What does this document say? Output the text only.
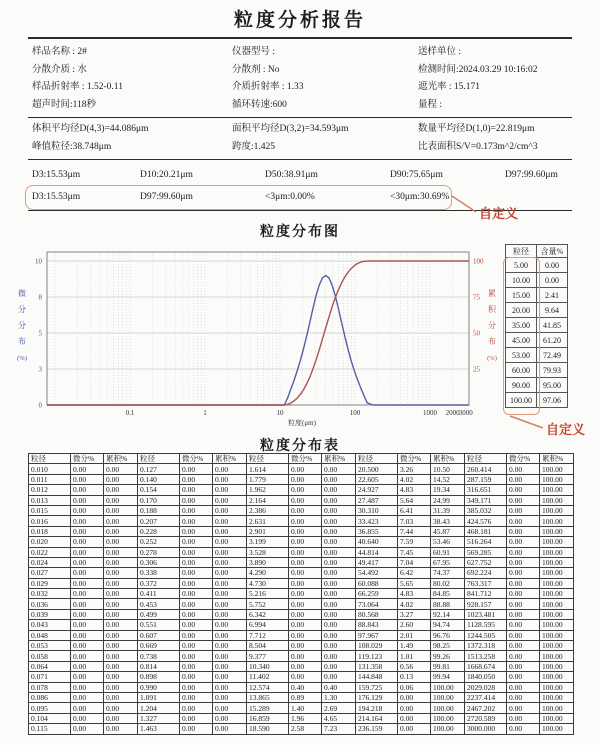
粒度分析报告
样品名称 : 2#	仪器型号 :	送样单位 :
分散介质 : 水	分散剂 : No	检测时间:2024.03.29 10:16:02
样品折射率 : 1.52-0.11	介质折射率 : 1.33	遮光率 : 15.171
超声时间:118秒	循环转速:600	量程 :
体积平均径D(4,3)=44.086μm	面积平均径D(3,2)=34.593μm	数量平均径D(1,0)=22.819μm
峰值粒径:38.748μm	跨度:1.425	比表面积S/V=0.173m^2/cm^3
D3:15.53μm	D10:20.21μm	D50:38.91μm	D90:75.65μm	D97:99.60μm
D3:15.53μm	D97:99.60μm	<3μm:0.00%	<30μm:30.69%
自定义
粒度分布图
0.1	1	10	100	1000 2000 3000
粒度(μm)
0
3
5
8
10
25
50
75
100
微
分
分
布
(%)
累
积
分
布
(%)
粒径	含量%
5.00	0.00
10.00	0.00
15.00	2.41
20.00	9.64
35.00	41.85
45.00	61.20
53.00	72.49
60.00	79.93
90.00	95.00
100.00	97.06
自定义
粒度分布表
粒径	微分%	累积%	粒径	微分%	累积%	粒径	微分%	累积%	粒径	微分%	累积%	粒径	微分%	累积%
0.010	0.00	0.00	0.127	0.00	0.00	1.614	0.00	0.00	20.500	3.26	10.50	260.414	0.00	100.00
0.011	0.00	0.00	0.140	0.00	0.00	1.779	0.00	0.00	22.605	4.02	14.52	287.159	0.00	100.00
0.012	0.00	0.00	0.154	0.00	0.00	1.962	0.00	0.00	24.927	4.83	19.34	316.651	0.00	100.00
0.013	0.00	0.00	0.170	0.00	0.00	2.164	0.00	0.00	27.487	5.64	24.99	349.171	0.00	100.00
0.015	0.00	0.00	0.188	0.00	0.00	2.386	0.00	0.00	30.310	6.41	31.39	385.032	0.00	100.00
0.016	0.00	0.00	0.207	0.00	0.00	2.631	0.00	0.00	33.423	7.03	38.43	424.576	0.00	100.00
0.018	0.00	0.00	0.228	0.00	0.00	2.901	0.00	0.00	36.855	7.44	45.87	468.181	0.00	100.00
0.020	0.00	0.00	0.252	0.00	0.00	3.199	0.00	0.00	40.640	7.59	53.46	516.264	0.00	100.00
0.022	0.00	0.00	0.278	0.00	0.00	3.528	0.00	0.00	44.814	7.45	60.91	569.285	0.00	100.00
0.024	0.00	0.00	0.306	0.00	0.00	3.890	0.00	0.00	49.417	7.04	67.95	627.752	0.00	100.00
0.027	0.00	0.00	0.338	0.00	0.00	4.290	0.00	0.00	54.492	6.42	74.37	692.224	0.00	100.00
0.029	0.00	0.00	0.372	0.00	0.00	4.730	0.00	0.00	60.088	5.65	80.02	763.317	0.00	100.00
0.032	0.00	0.00	0.411	0.00	0.00	5.216	0.00	0.00	66.259	4.83	84.85	841.712	0.00	100.00
0.036	0.00	0.00	0.453	0.00	0.00	5.752	0.00	0.00	73.064	4.02	88.88	928.157	0.00	100.00
0.039	0.00	0.00	0.499	0.00	0.00	6.342	0.00	0.00	80.568	3.27	92.14	1023.481	0.00	100.00
0.043	0.00	0.00	0.551	0.00	0.00	6.994	0.00	0.00	88.843	2.60	94.74	1128.595	0.00	100.00
0.048	0.00	0.00	0.607	0.00	0.00	7.712	0.00	0.00	97.967	2.01	96.76	1244.505	0.00	100.00
0.053	0.00	0.00	0.669	0.00	0.00	8.504	0.00	0.00	108.029	1.49	98.25	1372.318	0.00	100.00
0.058	0.00	0.00	0.738	0.00	0.00	9.377	0.00	0.00	119.123	1.01	99.26	1513.258	0.00	100.00
0.064	0.00	0.00	0.814	0.00	0.00	10.340	0.00	0.00	131.358	0.56	99.81	1668.674	0.00	100.00
0.071	0.00	0.00	0.898	0.00	0.00	11.402	0.00	0.00	144.848	0.13	99.94	1840.050	0.00	100.00
0.078	0.00	0.00	0.990	0.00	0.00	12.574	0.40	0.40	159.725	0.06	100.00	2029.028	0.00	100.00
0.086	0.00	0.00	1.091	0.00	0.00	13.865	0.89	1.30	176.129	0.00	100.00	2237.414	0.00	100.00
0.095	0.00	0.00	1.204	0.00	0.00	15.289	1.40	2.69	194.218	0.00	100.00	2467.202	0.00	100.00
0.104	0.00	0.00	1.327	0.00	0.00	16.859	1.96	4.65	214.164	0.00	100.00	2720.589	0.00	100.00
0.115	0.00	0.00	1.463	0.00	0.00	18.590	2.58	7.23	236.159	0.00	100.00	3000.000	0.00	100.00
